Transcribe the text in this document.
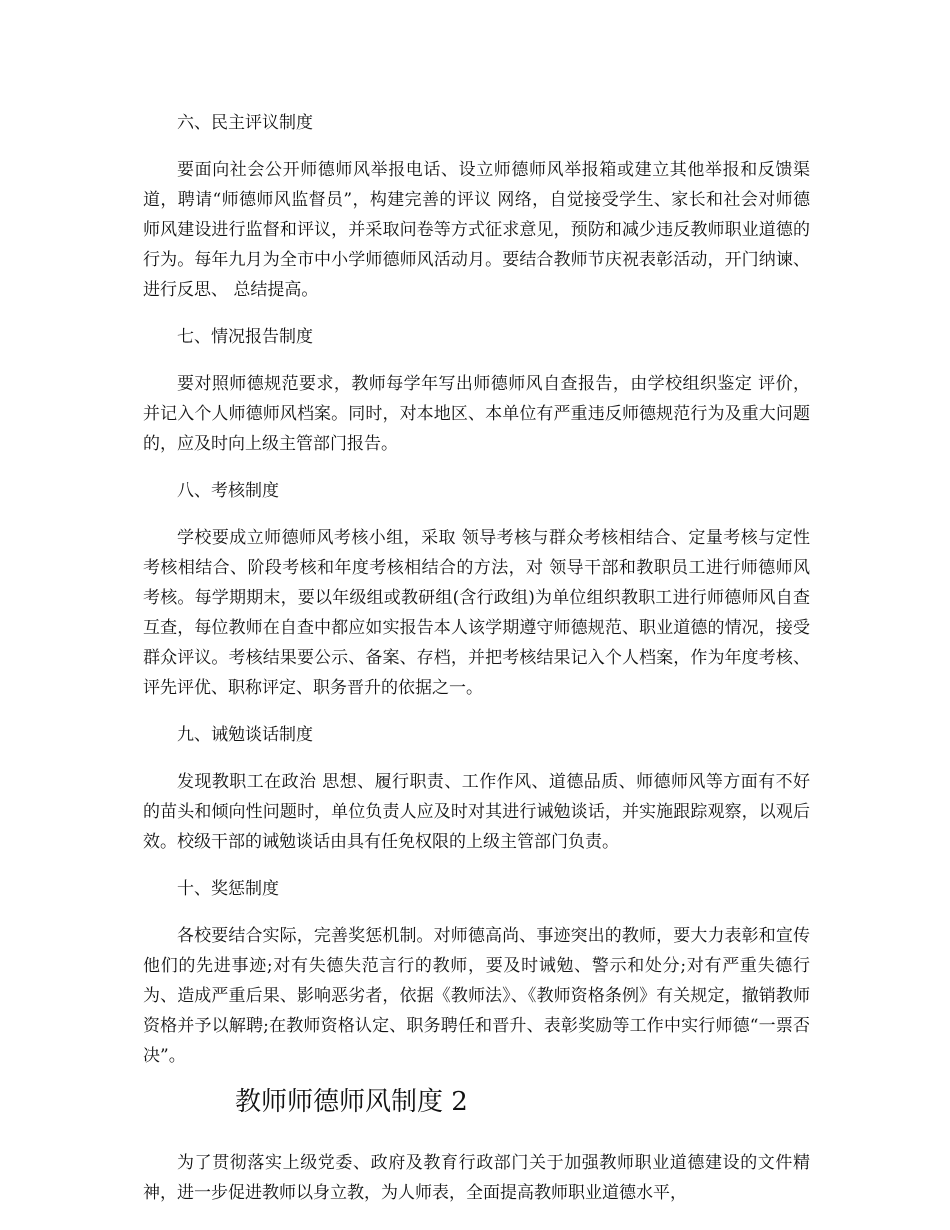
六、民主评议制度

要面向社会公开师德师风举报电话、设立师德师风举报箱或建立其他举报和反馈渠道，聘请“师德师风监督员”，构建完善的评议 网络，自觉接受学生、家长和社会对师德师风建设进行监督和评议，并采取问卷等方式征求意见，预防和减少违反教师职业道德的行为。每年九月为全市中小学师德师风活动月。要结合教师节庆祝表彰活动，开门纳谏、进行反思、 总结提高。

七、情况报告制度

要对照师德规范要求，教师每学年写出师德师风自查报告，由学校组织鉴定 评价，并记入个人师德师风档案。同时，对本地区、本单位有严重违反师德规范行为及重大问题的，应及时向上级主管部门报告。

八、考核制度

学校要成立师德师风考核小组，采取 领导考核与群众考核相结合、定量考核与定性考核相结合、阶段考核和年度考核相结合的方法，对 领导干部和教职员工进行师德师风考核。每学期期末，要以年级组或教研组(含行政组)为单位组织教职工进行师德师风自查互查，每位教师在自查中都应如实报告本人该学期遵守师德规范、职业道德的情况，接受群众评议。考核结果要公示、备案、存档，并把考核结果记入个人档案，作为年度考核、评先评优、职称评定、职务晋升的依据之一。

九、诫勉谈话制度

发现教职工在政治 思想、履行职责、工作作风、道德品质、师德师风等方面有不好的苗头和倾向性问题时，单位负责人应及时对其进行诫勉谈话，并实施跟踪观察，以观后效。校级干部的诫勉谈话由具有任免权限的上级主管部门负责。

十、奖惩制度

各校要结合实际，完善奖惩机制。对师德高尚、事迹突出的教师，要大力表彰和宣传他们的先进事迹;对有失德失范言行的教师，要及时诫勉、警示和处分;对有严重失德行为、造成严重后果、影响恶劣者，依据《教师法》、《教师资格条例》有关规定，撤销教师资格并予以解聘;在教师资格认定、职务聘任和晋升、表彰奖励等工作中实行师德“一票否决”。

教师师德师风制度 2

为了贯彻落实上级党委、政府及教育行政部门关于加强教师职业道德建设的文件精神，进一步促进教师以身立教，为人师表，全面提高教师职业道德水平，
